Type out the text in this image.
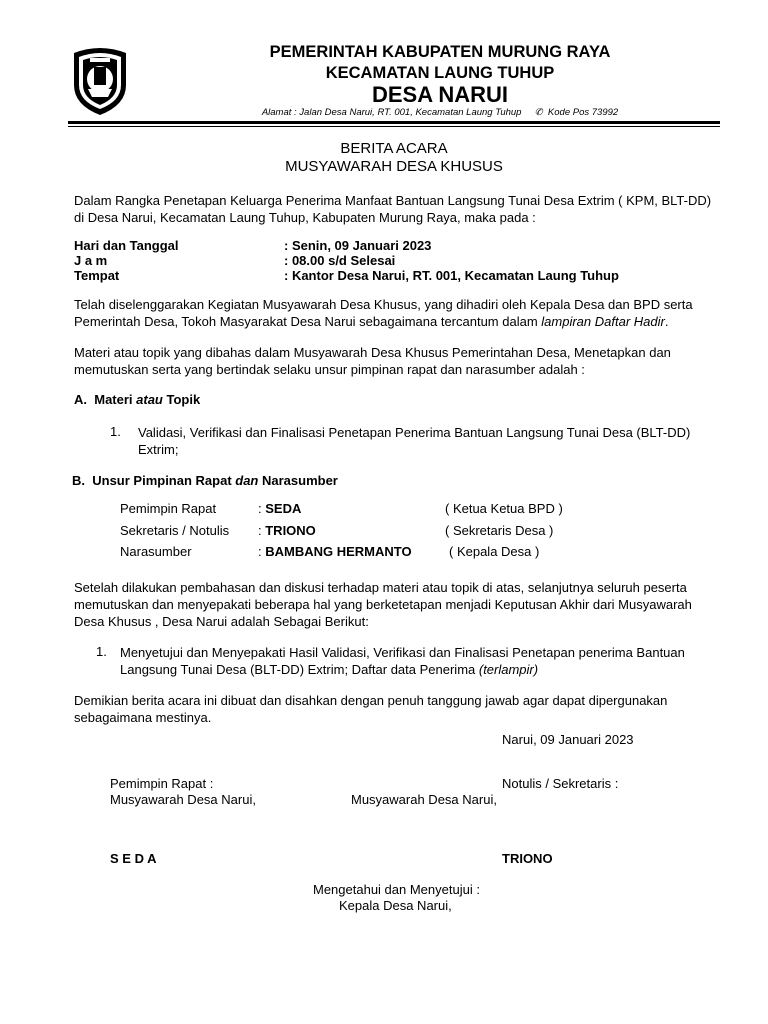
PEMERINTAH KABUPATEN MURUNG RAYA
KECAMATAN LAUNG TUHUP
DESA NARUI
Alamat : Jalan Desa Narui, RT. 001, Kecamatan Laung Tuhup     ✆  Kode Pos 73992
BERITA ACARA
MUSYAWARAH DESA KHUSUS
Dalam Rangka Penetapan Keluarga Penerima Manfaat Bantuan Langsung Tunai Desa Extrim ( KPM, BLT-DD)
di Desa Narui, Kecamatan Laung Tuhup, Kabupaten Murung Raya, maka pada :
Hari dan Tanggal	: Senin, 09 Januari 2023
J a m	: 08.00 s/d Selesai
Tempat	: Kantor Desa Narui, RT. 001, Kecamatan Laung Tuhup
Telah diselenggarakan Kegiatan Musyawarah Desa Khusus, yang dihadiri oleh Kepala Desa dan BPD serta
Pemerintah Desa, Tokoh Masyarakat Desa Narui sebagaimana tercantum dalam lampiran Daftar Hadir.
Materi atau topik yang dibahas dalam Musyawarah Desa Khusus Pemerintahan Desa, Menetapkan dan
memutuskan serta yang bertindak selaku unsur pimpinan rapat dan narasumber adalah :
A. Materi atau Topik
1. Validasi, Verifikasi dan Finalisasi Penetapan Penerima Bantuan Langsung Tunai Desa (BLT-DD)
Extrim;
B. Unsur Pimpinan Rapat dan Narasumber
Pemimpin Rapat	: SEDA	( Ketua Ketua BPD )
Sekretaris / Notulis : TRIONO	( Sekretaris Desa )
Narasumber	: BAMBANG HERMANTO	( Kepala Desa )
Setelah dilakukan pembahasan dan diskusi terhadap materi atau topik di atas, selanjutnya seluruh peserta
memutuskan dan menyepakati beberapa hal yang berketetapan menjadi Keputusan Akhir dari Musyawarah
Desa Khusus , Desa Narui adalah Sebagai Berikut:
1. Menyetujui dan Menyepakati Hasil Validasi, Verifikasi dan Finalisasi Penetapan penerima Bantuan
Langsung Tunai Desa (BLT-DD) Extrim; Daftar data Penerima (terlampir)
Demikian berita acara ini dibuat dan disahkan dengan penuh tanggung jawab agar dapat dipergunakan
sebagaimana mestinya.
Narui, 09 Januari 2023
Pemimpin Rapat :
Musyawarah Desa Narui,	Musyawarah Desa Narui,
Notulis / Sekretaris :
S E D A	TRIONO
Mengetahui dan Menyetujui :
Kepala Desa Narui,
